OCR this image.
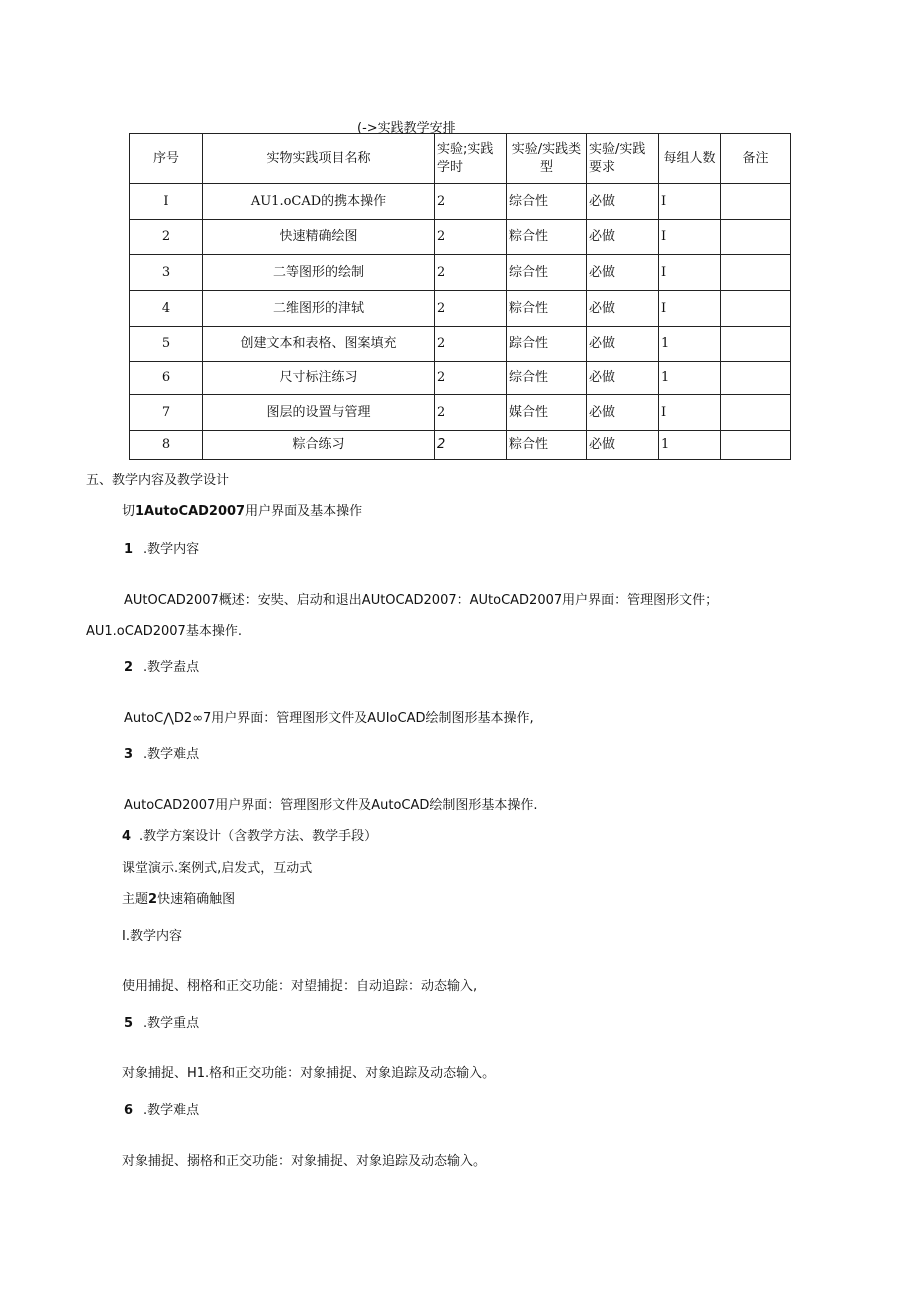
(->实践教学安排
序号	实物实践项目名称	实验;实践学时	实验/实践类型	实验/实践要求	每组人数	备注
I	AU1.oCAD的携本操作	2	综合性	必做	I	
2	快速精确绘图	2	粽合性	必做	I	
3	二等图形的绘制	2	综合性	必做	I	
4	二维图形的津轼	2	粽合性	必做	I	
5	创建文本和表格、图案填充	2	踪合性	必做	1	
6	尺寸标注练习	2	综合性	必做	1	
7	图层的设置与管理	2	媒合性	必做	I	
8	粽合练习	2	粽合性	必做	1	
五、教学内容及教学设计
切1AutoCAD2007用户界面及基本操作
1 .教学内容
AUtOCAD2007概述：安奘、启动和退出AUtOCAD2007：AUtoCAD2007用户界面：管理图形文件；
AU1.oCAD2007基本操作.
2 .教学盍点
AutoC⋀D2∞7用户界面：管理图形文件及AUIoCAD绘制图形基本操作,
3 .教学难点
AutoCAD2007用户界面：管理图形文件及AutoCAD绘制图形基本操作.
4 .教学方案设计（含教学方法、教学手段）
课堂演示.案例式,启发式，互动式
主题2快速箱确触图
I.教学内容
使用捕捉、栩格和正交功能：对望捕捉：自动追踪：动态输入,
5 .教学重点
对象捕捉、H1.格和正交功能：对象捕捉、对象追踪及动态输入。
6 .教学难点
对象捕捉、搦格和正交功能：对象捕捉、对象追踪及动态输入。
